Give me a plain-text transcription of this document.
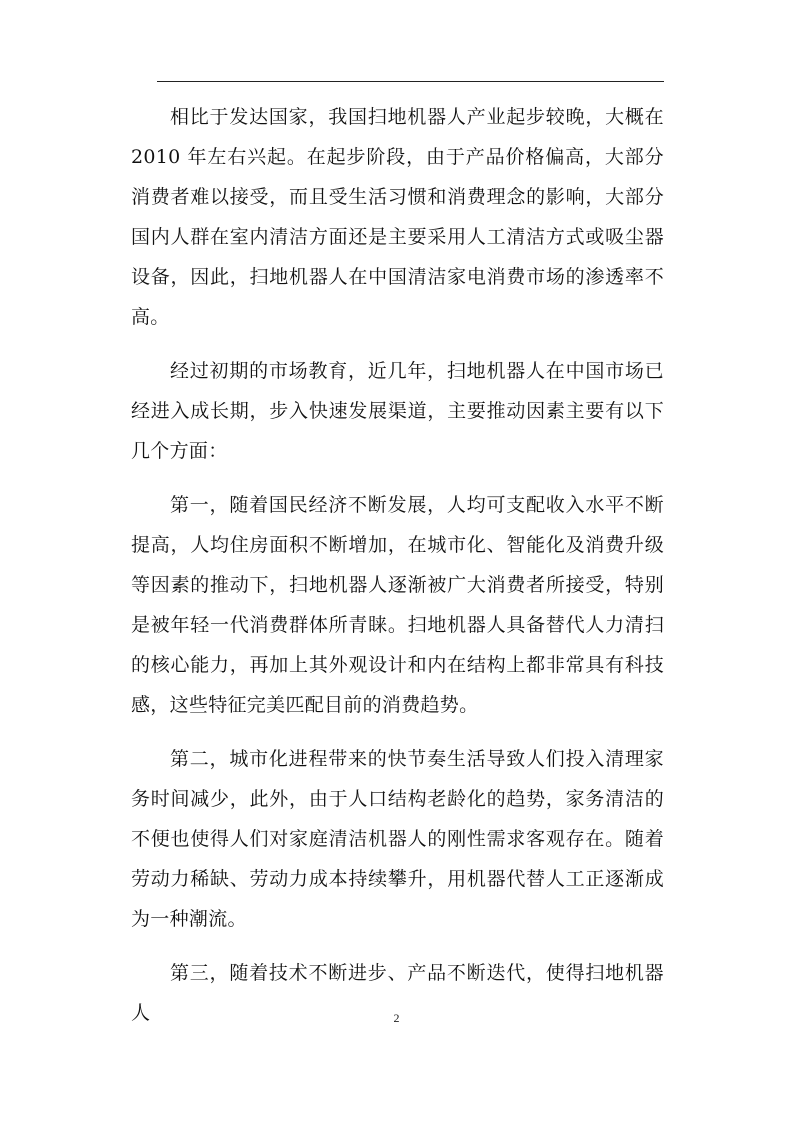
相比于发达国家，我国扫地机器人产业起步较晚，大概在 2010 年左右兴起。在起步阶段，由于产品价格偏高，大部分消费者难以接受，而且受生活习惯和消费理念的影响，大部分国内人群在室内清洁方面还是主要采用人工清洁方式或吸尘器设备，因此，扫地机器人在中国清洁家电消费市场的渗透率不高。

经过初期的市场教育，近几年，扫地机器人在中国市场已经进入成长期，步入快速发展渠道，主要推动因素主要有以下几个方面：

第一，随着国民经济不断发展，人均可支配收入水平不断提高，人均住房面积不断增加，在城市化、智能化及消费升级等因素的推动下，扫地机器人逐渐被广大消费者所接受，特别是被年轻一代消费群体所青睐。扫地机器人具备替代人力清扫的核心能力，再加上其外观设计和内在结构上都非常具有科技感，这些特征完美匹配目前的消费趋势。

第二，城市化进程带来的快节奏生活导致人们投入清理家务时间减少，此外，由于人口结构老龄化的趋势，家务清洁的不便也使得人们对家庭清洁机器人的刚性需求客观存在。随着劳动力稀缺、劳动力成本持续攀升，用机器代替人工正逐渐成为一种潮流。

第三，随着技术不断进步、产品不断迭代，使得扫地机器人	2
